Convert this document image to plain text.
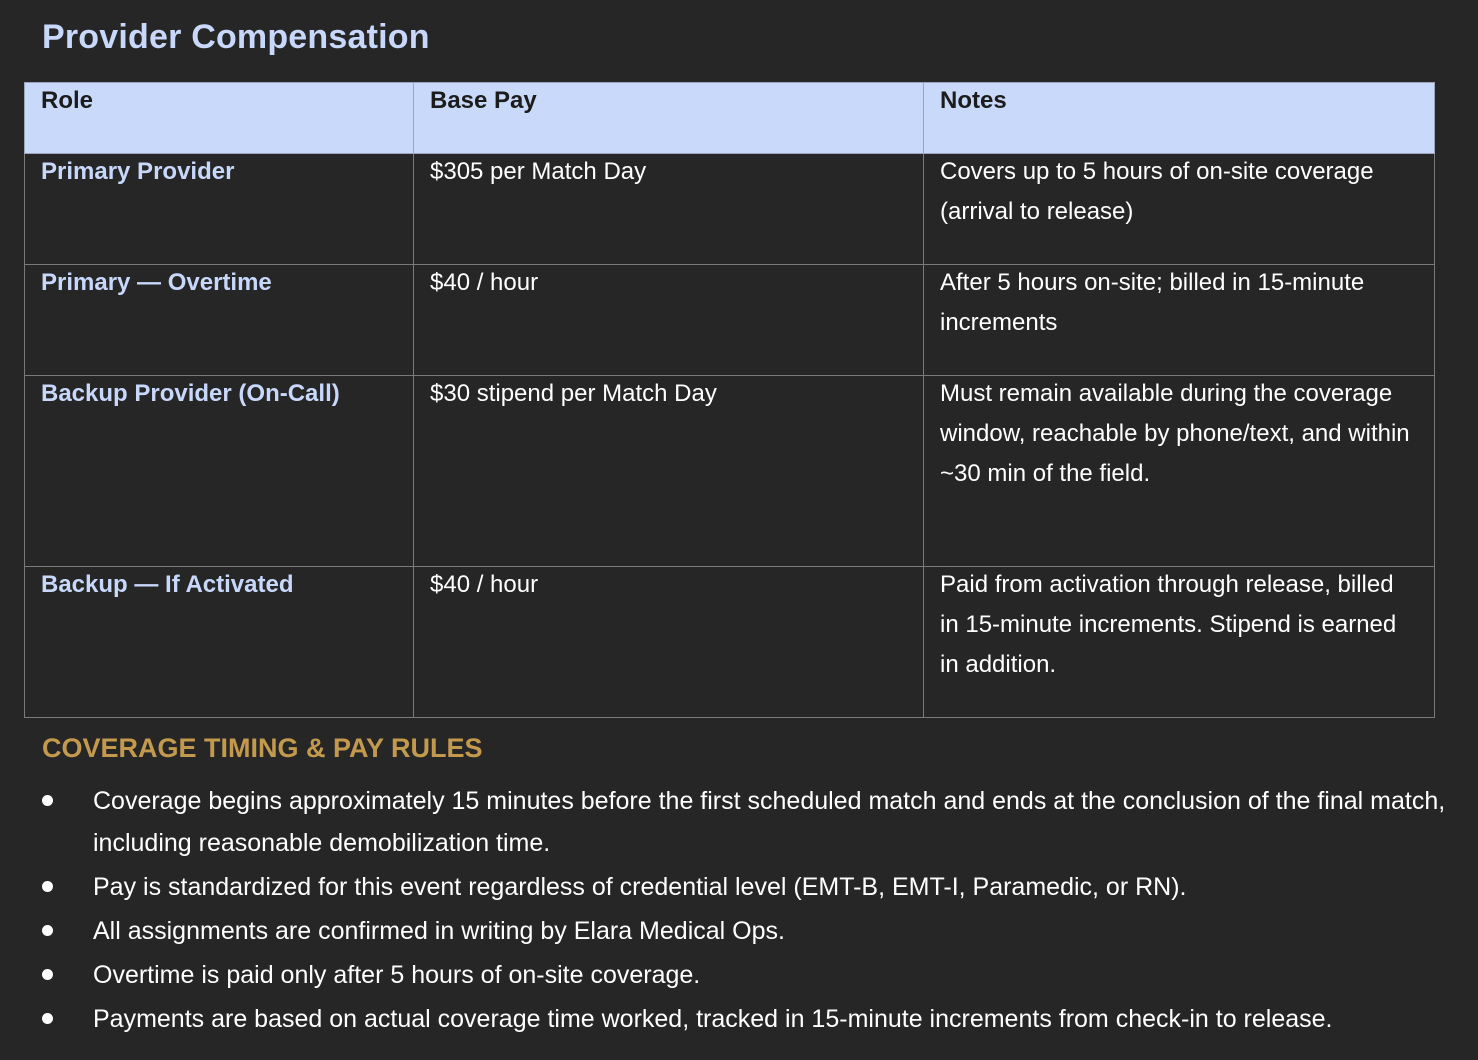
Provider Compensation
Role	Base Pay	Notes

Primary Provider	$305 per Match Day	Covers up to 5 hours of on-site coverage (arrival to release)

Primary — Overtime	$40 / hour	After 5 hours on-site; billed in 15-minute increments

Backup Provider (On-Call)	$30 stipend per Match Day	Must remain available during the coverage window, reachable by phone/text, and within ~30 min of the field.

Backup — If Activated	$40 / hour	Paid from activation through release, billed in 15-minute increments. Stipend is earned in addition.
COVERAGE TIMING & PAY RULES
Coverage begins approximately 15 minutes before the first scheduled match and ends at the conclusion of the final match, including reasonable demobilization time.
Pay is standardized for this event regardless of credential level (EMT-B, EMT-I, Paramedic, or RN).
All assignments are confirmed in writing by Elara Medical Ops.
Overtime is paid only after 5 hours of on-site coverage.
Payments are based on actual coverage time worked, tracked in 15-minute increments from check-in to release.
